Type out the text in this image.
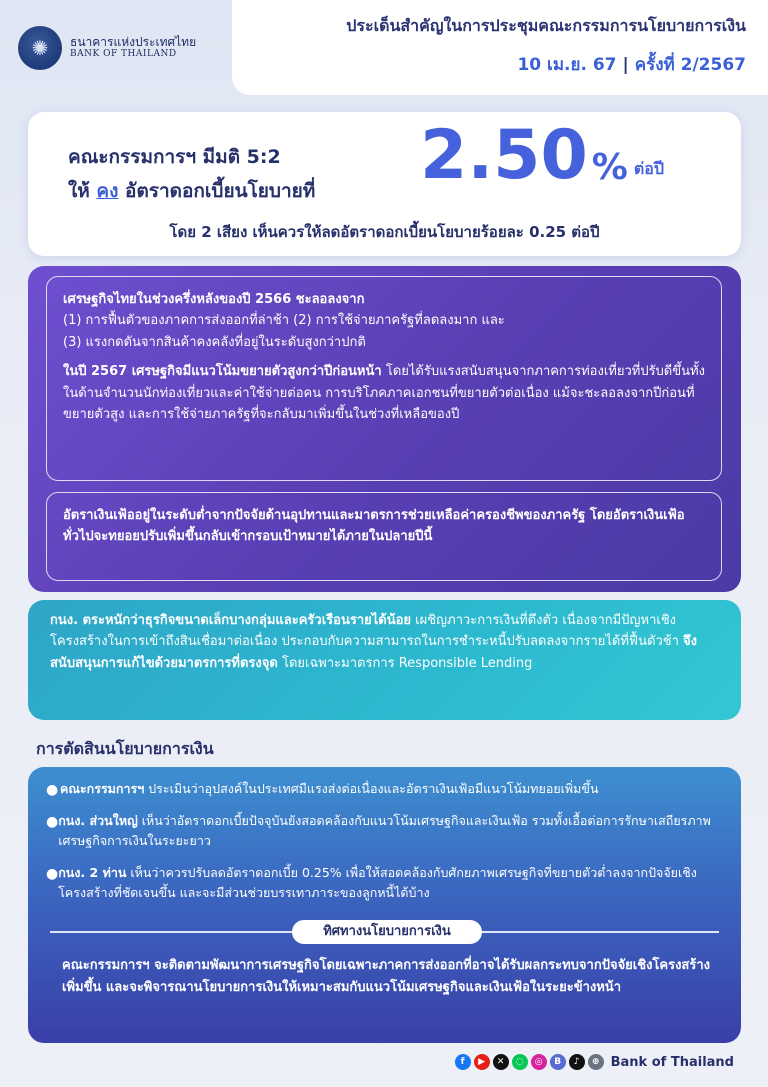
✺	ธนาคารแห่งประเทศไทย
BANK OF THAILAND
ประเด็นสำคัญในการประชุมคณะกรรมการนโยบายการเงิน
10 เม.ย. 67 | ครั้งที่ 2/2567
คณะกรรมการฯ มีมติ 5:2
ให้ คง อัตราดอกเบี้ยนโยบายที่ 2.50 % ต่อปี
โดย 2 เสียง เห็นควรให้ลดอัตราดอกเบี้ยนโยบายร้อยละ 0.25 ต่อปี
เศรษฐกิจไทยในช่วงครึ่งหลังของปี 2566 ชะลอลงจาก
(1) การฟื้นตัวของภาคการส่งออกที่ล่าช้า (2) การใช้จ่ายภาครัฐที่ลดลงมาก และ
(3) แรงกดดันจากสินค้าคงคลังที่อยู่ในระดับสูงกว่าปกติ
ในปี 2567 เศรษฐกิจมีแนวโน้มขยายตัวสูงกว่าปีก่อนหน้า โดยได้รับแรงสนับสนุนจากภาคการท่องเที่ยวที่ปรับดีขึ้นทั้งในด้านจำนวนนักท่องเที่ยวและค่าใช้จ่ายต่อคน การบริโภคภาคเอกชนที่ขยายตัวต่อเนื่อง แม้จะชะลอลงจากปีก่อนที่ขยายตัวสูง และการใช้จ่ายภาครัฐที่จะกลับมาเพิ่มขึ้นในช่วงที่เหลือของปี
อัตราเงินเฟ้ออยู่ในระดับต่ำจากปัจจัยด้านอุปทานและมาตรการช่วยเหลือค่าครองชีพของภาครัฐ โดยอัตราเงินเฟ้อทั่วไปจะทยอยปรับเพิ่มขึ้นกลับเข้ากรอบเป้าหมายได้ภายในปลายปีนี้
กนง. ตระหนักว่าธุรกิจขนาดเล็กบางกลุ่มและครัวเรือนรายได้น้อย เผชิญภาวะการเงินที่ตึงตัว เนื่องจากมีปัญหาเชิงโครงสร้างในการเข้าถึงสินเชื่อมาต่อเนื่อง ประกอบกับความสามารถในการชำระหนี้ปรับลดลงจากรายได้ที่ฟื้นตัวช้า จึงสนับสนุนการแก้ไขด้วยมาตรการที่ตรงจุด โดยเฉพาะมาตรการ Responsible Lending
การตัดสินนโยบายการเงิน
● คณะกรรมการฯ ประเมินว่าอุปสงค์ในประเทศมีแรงส่งต่อเนื่องและอัตราเงินเฟ้อมีแนวโน้มทยอยเพิ่มขึ้น
● กนง. ส่วนใหญ่ เห็นว่าอัตราดอกเบี้ยปัจจุบันยังสอดคล้องกับแนวโน้มเศรษฐกิจและเงินเฟ้อ รวมทั้งเอื้อต่อการรักษาเสถียรภาพเศรษฐกิจการเงินในระยะยาว
● กนง. 2 ท่าน เห็นว่าควรปรับลดอัตราดอกเบี้ย 0.25% เพื่อให้สอดคล้องกับศักยภาพเศรษฐกิจที่ขยายตัวต่ำลงจากปัจจัยเชิงโครงสร้างที่ชัดเจนขึ้น และจะมีส่วนช่วยบรรเทาภาระของลูกหนี้ได้บ้าง
ทิศทางนโยบายการเงิน
คณะกรรมการฯ จะติดตามพัฒนาการเศรษฐกิจโดยเฉพาะภาคการส่งออกที่อาจได้รับผลกระทบจากปัจจัยเชิงโครงสร้างเพิ่มขึ้น และจะพิจารณานโยบายการเงินให้เหมาะสมกับแนวโน้มเศรษฐกิจและเงินเฟ้อในระยะข้างหน้า
f	▶	✕	◌	◎	B	♪	⊕ Bank of Thailand
